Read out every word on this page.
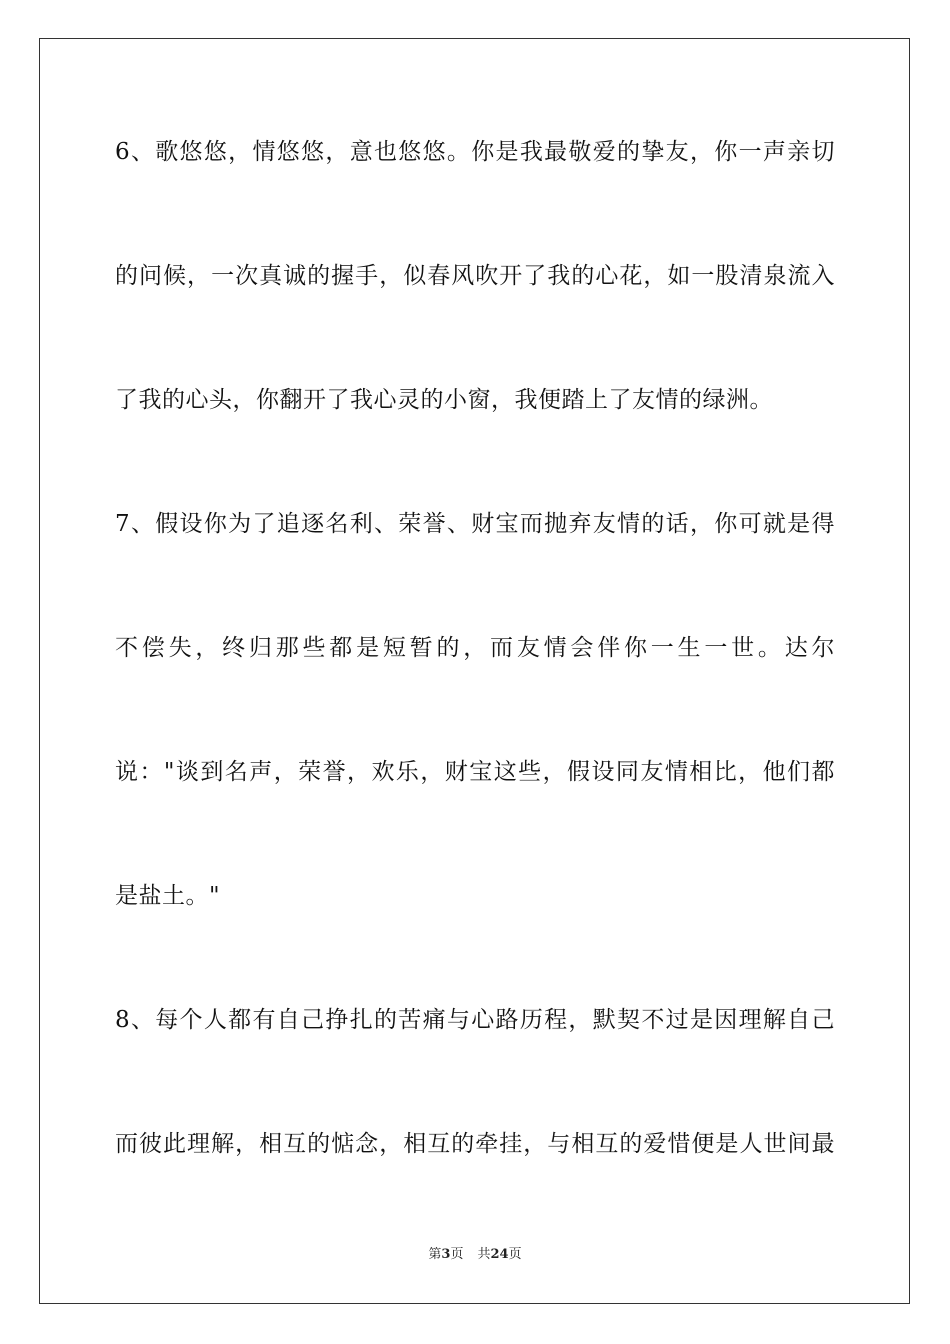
6、歌悠悠，情悠悠，意也悠悠。你是我最敬爱的挚友，你一声亲切
的问候，一次真诚的握手，似春风吹开了我的心花，如一股清泉流入
了我的心头，你翻开了我心灵的小窗，我便踏上了友情的绿洲。
7、假设你为了追逐名利、荣誉、财宝而抛弃友情的话，你可就是得
不偿失，终归那些都是短暂的，而友情会伴你一生一世。达尔
说："谈到名声，荣誉，欢乐，财宝这些，假设同友情相比，他们都
是盐土。"
8、每个人都有自己挣扎的苦痛与心路历程，默契不过是因理解自己
而彼此理解，相互的惦念，相互的牵挂，与相互的爱惜便是人世间最
第3页 共24页
